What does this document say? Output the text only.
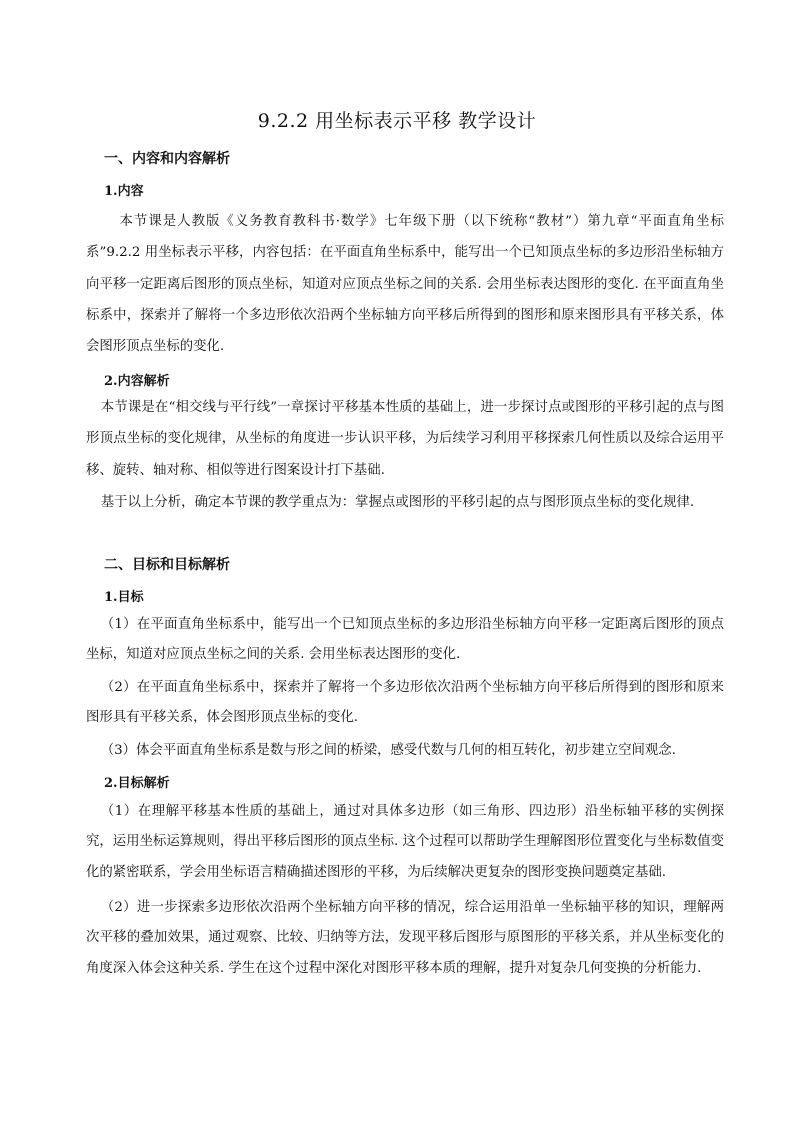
9.2.2 用坐标表示平移 教学设计
一、内容和内容解析
1.内容

本节课是人教版《义务教育教科书·数学》七年级下册（以下统称“教材”）第九章“平面直角坐标系”9.2.2 用坐标表示平移，内容包括：在平面直角坐标系中，能写出一个已知顶点坐标的多边形沿坐标轴方向平移一定距离后图形的顶点坐标，知道对应顶点坐标之间的关系. 会用坐标表达图形的变化. 在平面直角坐标系中，探索并了解将一个多边形依次沿两个坐标轴方向平移后所得到的图形和原来图形具有平移关系，体会图形顶点坐标的变化.

2.内容解析

本节课是在“相交线与平行线”一章探讨平移基本性质的基础上，进一步探讨点或图形的平移引起的点与图形顶点坐标的变化规律，从坐标的角度进一步认识平移，为后续学习利用平移探索几何性质以及综合运用平移、旋转、轴对称、相似等进行图案设计打下基础.

基于以上分析，确定本节课的教学重点为：掌握点或图形的平移引起的点与图形顶点坐标的变化规律.

二、目标和目标解析
1.目标

（1）在平面直角坐标系中，能写出一个已知顶点坐标的多边形沿坐标轴方向平移一定距离后图形的顶点坐标，知道对应顶点坐标之间的关系. 会用坐标表达图形的变化.

（2）在平面直角坐标系中，探索并了解将一个多边形依次沿两个坐标轴方向平移后所得到的图形和原来图形具有平移关系，体会图形顶点坐标的变化.

（3）体会平面直角坐标系是数与形之间的桥梁，感受代数与几何的相互转化，初步建立空间观念.

2.目标解析

（1）在理解平移基本性质的基础上，通过对具体多边形（如三角形、四边形）沿坐标轴平移的实例探究，运用坐标运算规则，得出平移后图形的顶点坐标. 这个过程可以帮助学生理解图形位置变化与坐标数值变化的紧密联系，学会用坐标语言精确描述图形的平移，为后续解决更复杂的图形变换问题奠定基础.

（2）进一步探索多边形依次沿两个坐标轴方向平移的情况，综合运用沿单一坐标轴平移的知识，理解两次平移的叠加效果，通过观察、比较、归纳等方法，发现平移后图形与原图形的平移关系，并从坐标变化的角度深入体会这种关系. 学生在这个过程中深化对图形平移本质的理解，提升对复杂几何变换的分析能力.
